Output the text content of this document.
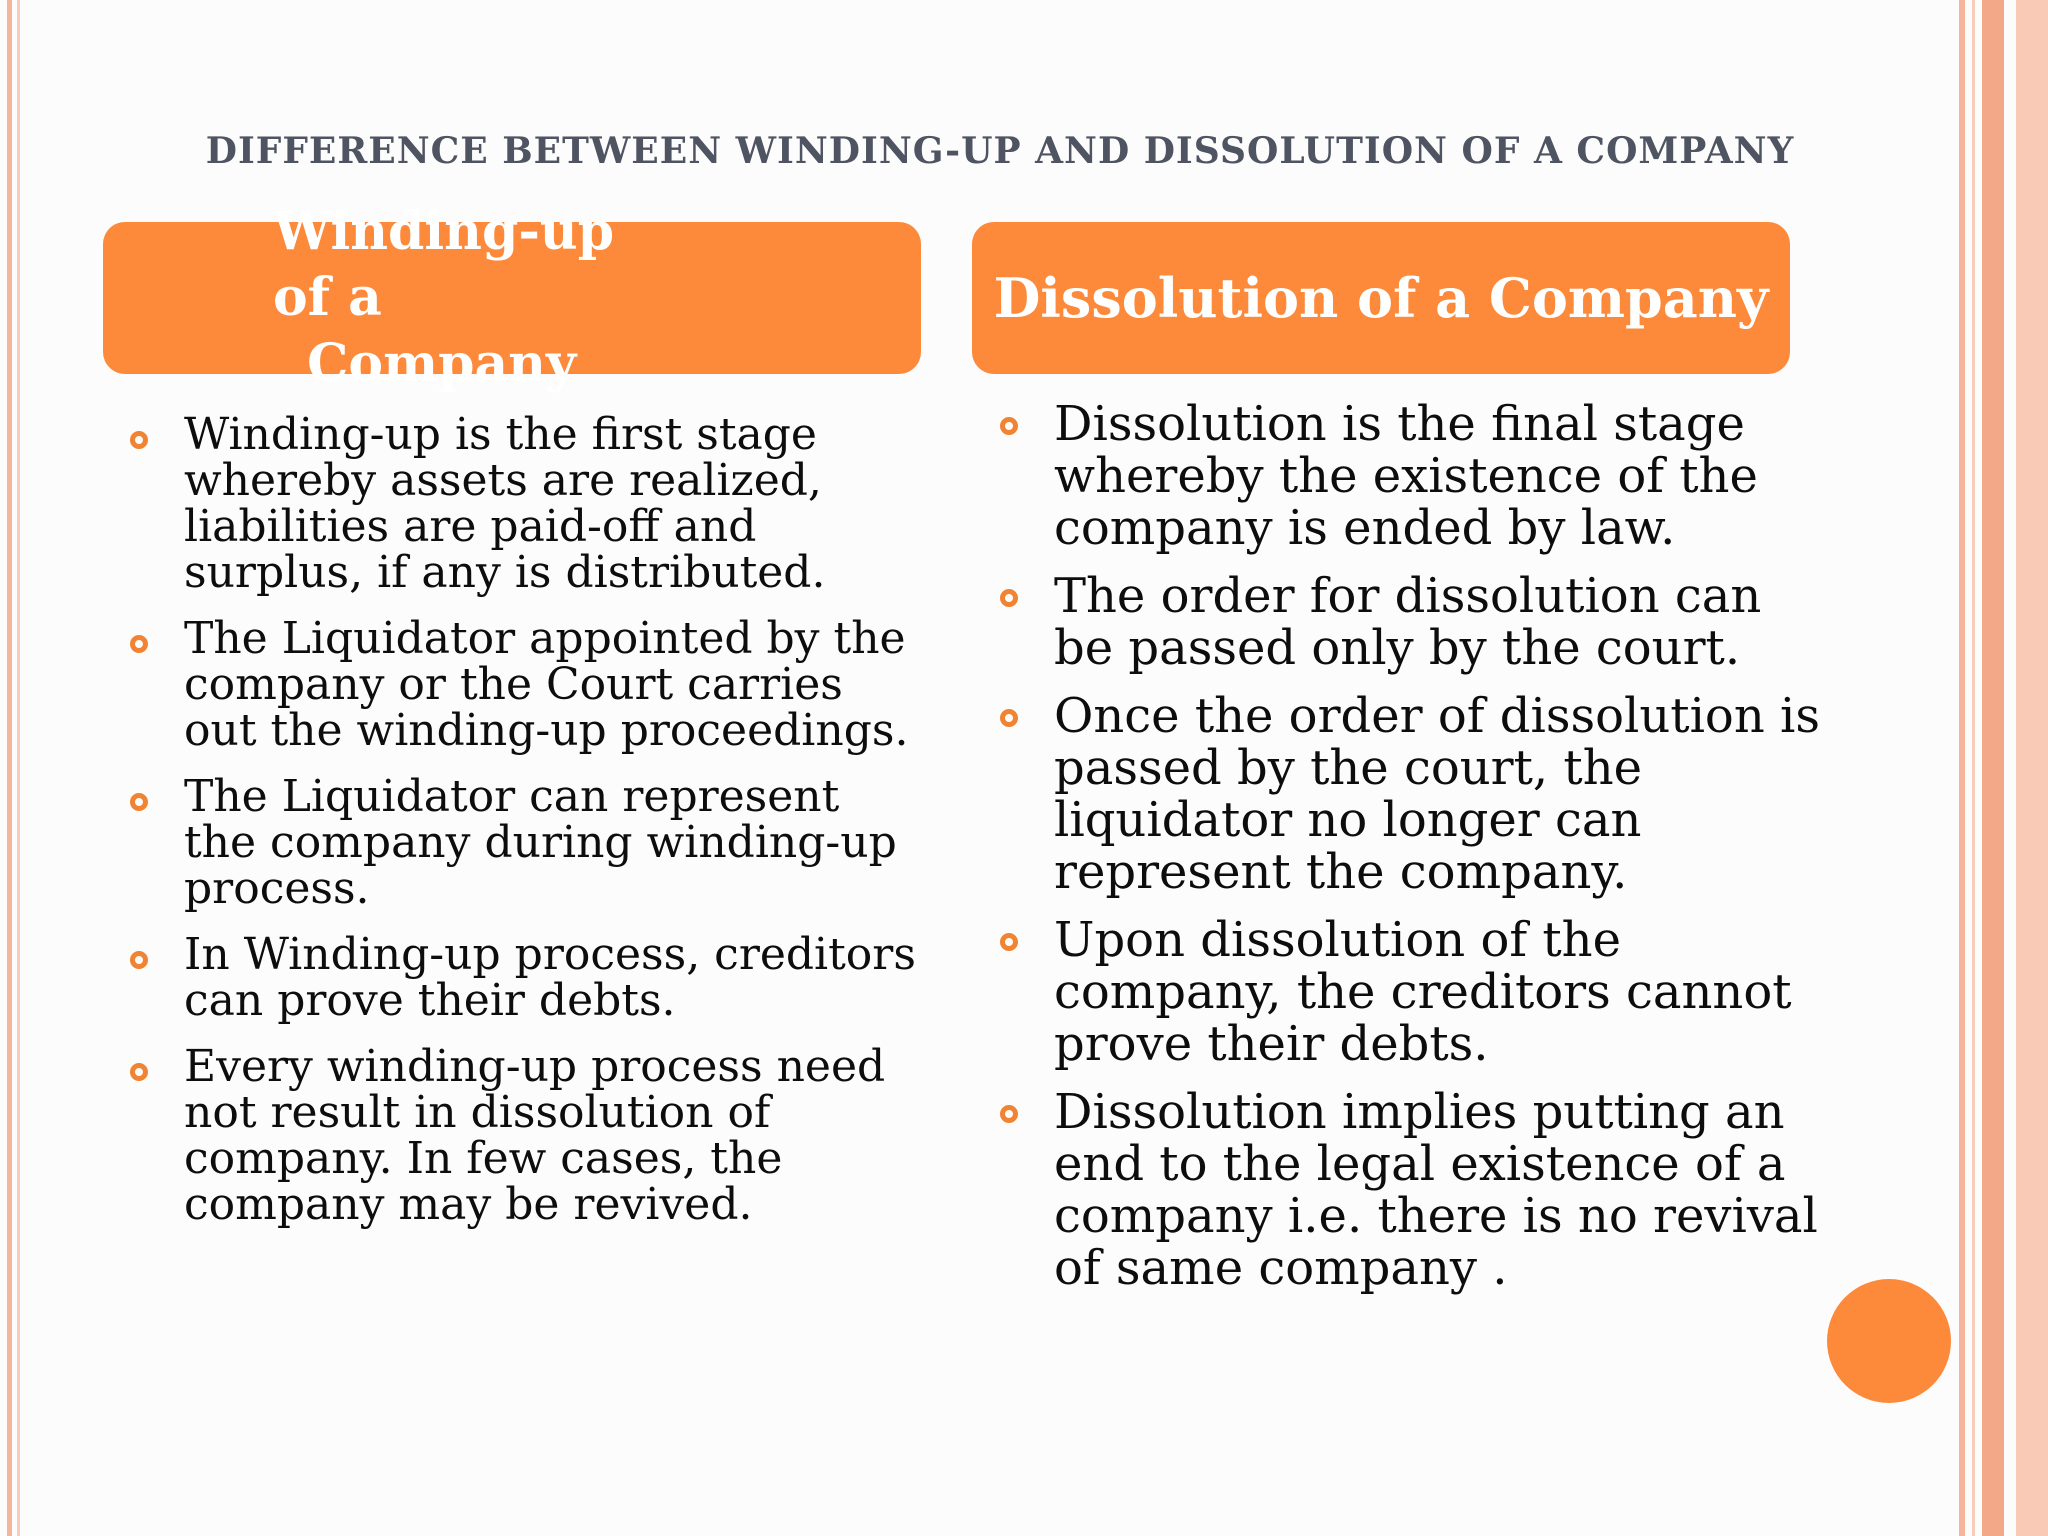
DIFFERENCE BETWEEN WINDING-UP AND DISSOLUTION OF A COMPANY
Winding-up of a
Company
Dissolution of a Company
Winding-up is the first stage whereby assets are realized, liabilities are paid-off and surplus, if any is distributed.
The Liquidator appointed by the company or the Court carries out the winding-up proceedings.
The Liquidator can represent the company during winding-up process.
In Winding-up process, creditors can prove their debts.
Every winding-up process need not result in dissolution of company. In few cases, the company may be revived.
Dissolution is the final stage whereby the existence of the company is ended by law.
The order for dissolution can be passed only by the court.
Once the order of dissolution is passed by the court, the liquidator no longer can represent the company.
Upon dissolution of the company, the creditors cannot prove their debts.
Dissolution implies putting an end to the legal existence of a company i.e. there is no revival of same company .
